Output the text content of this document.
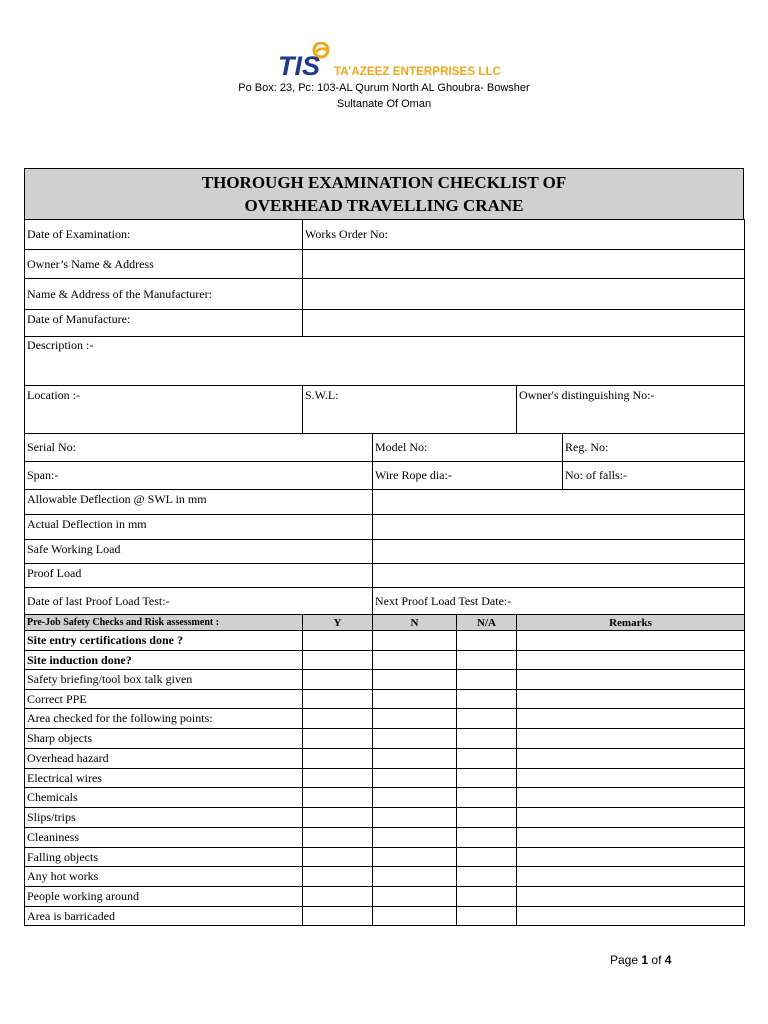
TIS TA’AZEEZ ENTERPRISES LLC
Po Box: 23, Pc: 103-AL Qurum North AL Ghoubra- Bowsher
Sultanate Of Oman
THOROUGH EXAMINATION CHECKLIST OF
OVERHEAD TRAVELLING CRANE
Date of Examination:	Works Order No:
Owner’s Name & Address	
Name & Address of the Manufacturer:	
Date of Manufacture:	
Description :-	
Location :-	S.W.L:	Owner's distinguishing No:-
Serial No:	Model No:	Reg. No:
Span:-	Wire Rope dia:-	No: of falls:-
Allowable Deflection @ SWL in mm	
Actual Deflection in mm	
Safe Working Load	
Proof Load	
Date of last Proof Load Test:-	Next Proof Load Test Date:-
Pre-Job Safety Checks and Risk assessment :	Y	N	N/A	Remarks
Site entry certifications done ?				
Site induction done?				
Safety briefing/tool box talk given				
Correct PPE				
Area checked for the following points:				
Sharp objects				
Overhead hazard				
Electrical wires				
Chemicals				
Slips/trips				
Cleaniness				
Falling objects				
Any hot works				
People working around				
Area is barricaded				
Page 1 of 4
